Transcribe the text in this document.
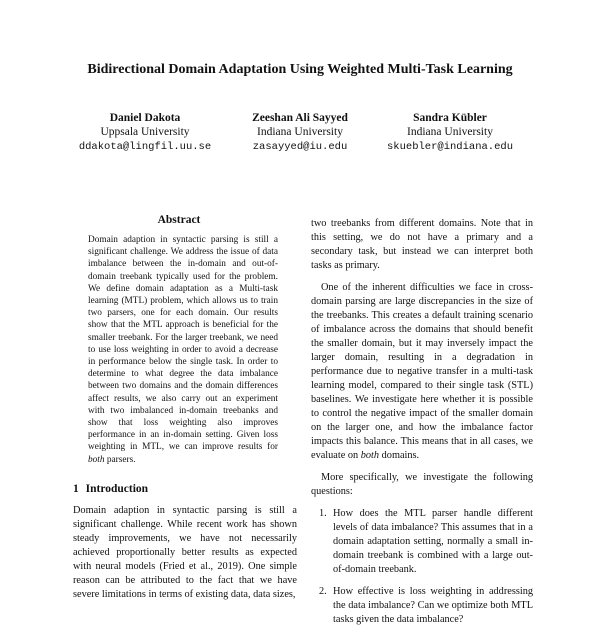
Bidirectional Domain Adaptation Using Weighted Multi-Task Learning
Daniel Dakota
Uppsala University
ddakota@lingfil.uu.se
Zeeshan Ali Sayyed
Indiana University
zasayyed@iu.edu
Sandra Kübler
Indiana University
skuebler@indiana.edu
Abstract

Domain adaption in syntactic parsing is still a significant challenge. We address the issue of data imbalance between the in-domain and out-of-domain treebank typically used for the problem. We define domain adaptation as a Multi-task learning (MTL) problem, which allows us to train two parsers, one for each domain. Our results show that the MTL approach is beneficial for the smaller treebank. For the larger treebank, we need to use loss weighting in order to avoid a decrease in performance below the single task. In order to determine to what degree the data imbalance between two domains and the domain differences affect results, we also carry out an experiment with two imbalanced in-domain treebanks and show that loss weighting also improves performance in an in-domain setting. Given loss weighting in MTL, we can improve results for both parsers.

1 Introduction

Domain adaption in syntactic parsing is still a significant challenge. While recent work has shown steady improvements, we have not necessarily achieved proportionally better results as expected with neural models (Fried et al., 2019). One simple reason can be attributed to the fact that we have severe limitations in terms of existing data, data sizes,

two treebanks from different domains. Note that in this setting, we do not have a primary and a secondary task, but instead we can interpret both tasks as primary.

One of the inherent difficulties we face in cross-domain parsing are large discrepancies in the size of the treebanks. This creates a default training scenario of imbalance across the domains that should benefit the smaller domain, but it may inversely impact the larger domain, resulting in a degradation in performance due to negative transfer in a multi-task learning model, compared to their single task (STL) baselines. We investigate here whether it is possible to control the negative impact of the smaller domain on the larger one, and how the imbalance factor impacts this balance. This means that in all cases, we evaluate on both domains.

More specifically, we investigate the following questions:

1. How does the MTL parser handle different levels of data imbalance? This assumes that in a domain adaptation setting, normally a small in-domain treebank is combined with a large out-of-domain treebank.
2. How effective is loss weighting in addressing the data imbalance? Can we optimize both MTL tasks given the data imbalance?
